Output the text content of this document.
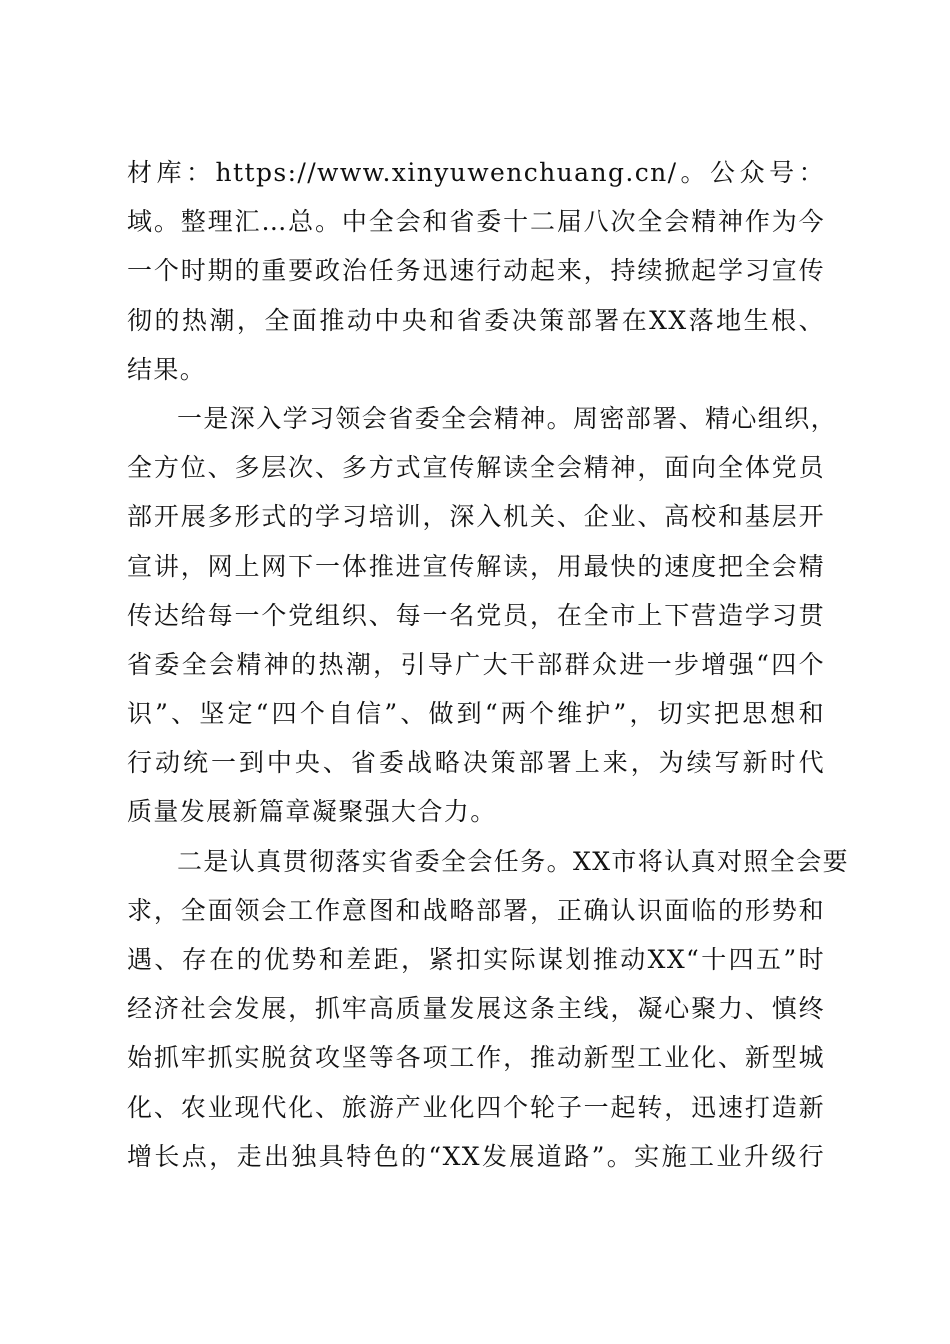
材库：https://www.xinyuwenchuang.cn/。公众号：
域。整理汇…总。中全会和省委十二届八次全会精神作为今
一个时期的重要政治任务迅速行动起来，持续掀起学习宣传
彻的热潮，全面推动中央和省委决策部署在XX落地生根、
结果。
一是深入学习领会省委全会精神。周密部署、精心组织，
全方位、多层次、多方式宣传解读全会精神，面向全体党员
部开展多形式的学习培训，深入机关、企业、高校和基层开
宣讲，网上网下一体推进宣传解读，用最快的速度把全会精
传达给每一个党组织、每一名党员，在全市上下营造学习贯
省委全会精神的热潮，引导广大干部群众进一步增强“四个
识”、坚定“四个自信”、做到“两个维护”，切实把思想和
行动统一到中央、省委战略决策部署上来，为续写新时代
质量发展新篇章凝聚强大合力。
二是认真贯彻落实省委全会任务。XX市将认真对照全会要
求，全面领会工作意图和战略部署，正确认识面临的形势和
遇、存在的优势和差距，紧扣实际谋划推动XX“十四五”时
经济社会发展，抓牢高质量发展这条主线，凝心聚力、慎终
始抓牢抓实脱贫攻坚等各项工作，推动新型工业化、新型城
化、农业现代化、旅游产业化四个轮子一起转，迅速打造新
增长点，走出独具特色的“XX发展道路”。实施工业升级行
